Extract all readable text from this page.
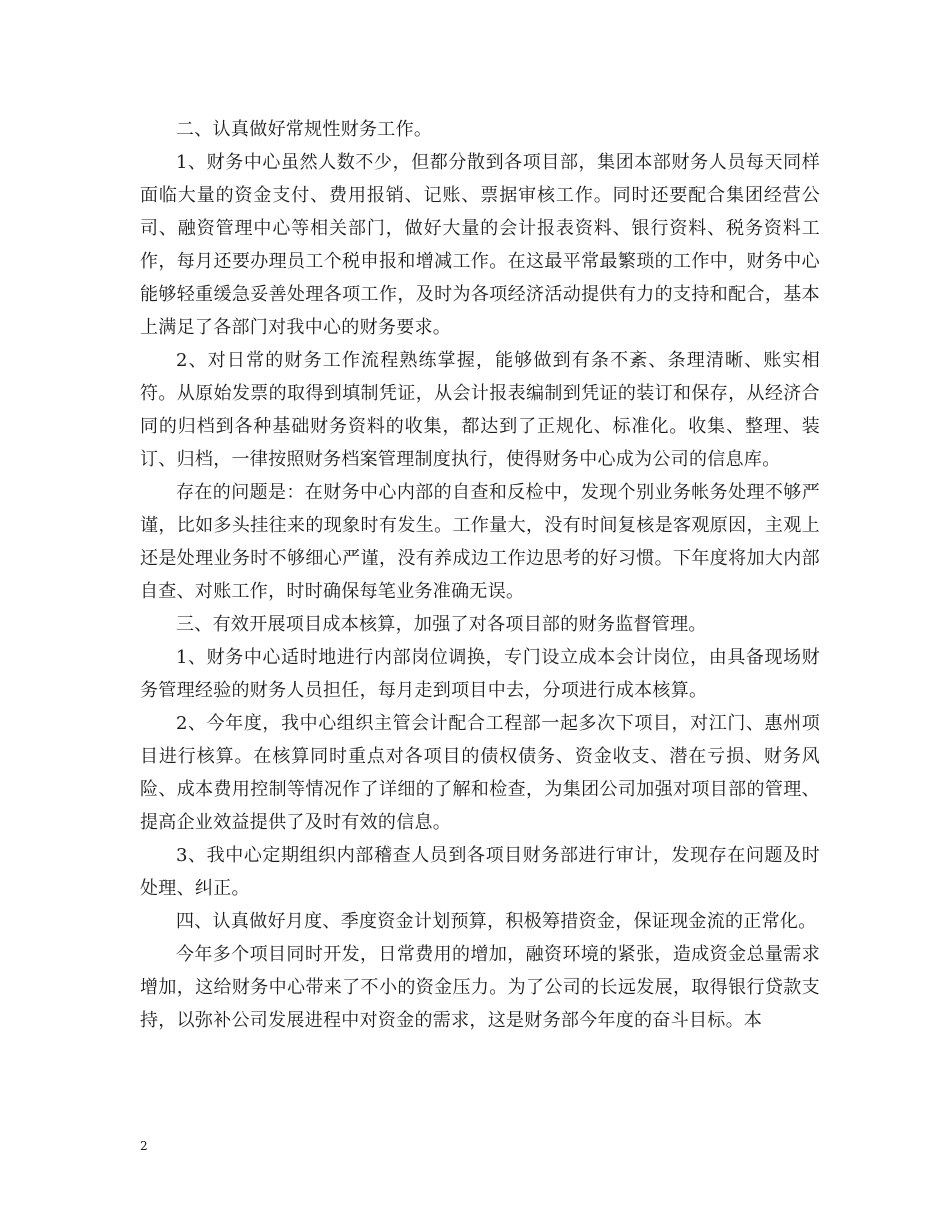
二、认真做好常规性财务工作。

1、财务中心虽然人数不少，但都分散到各项目部，集团本部财务人员每天同样面临大量的资金支付、费用报销、记账、票据审核工作。同时还要配合集团经营公司、融资管理中心等相关部门，做好大量的会计报表资料、银行资料、税务资料工作，每月还要办理员工个税申报和增减工作。在这最平常最繁琐的工作中，财务中心能够轻重缓急妥善处理各项工作，及时为各项经济活动提供有力的支持和配合，基本上满足了各部门对我中心的财务要求。

2、对日常的财务工作流程熟练掌握，能够做到有条不紊、条理清晰、账实相符。从原始发票的取得到填制凭证，从会计报表编制到凭证的装订和保存，从经济合同的归档到各种基础财务资料的收集，都达到了正规化、标准化。收集、整理、装订、归档，一律按照财务档案管理制度执行，使得财务中心成为公司的信息库。

存在的问题是：在财务中心内部的自查和反检中，发现个别业务帐务处理不够严谨，比如多头挂往来的现象时有发生。工作量大，没有时间复核是客观原因，主观上还是处理业务时不够细心严谨，没有养成边工作边思考的好习惯。下年度将加大内部自查、对账工作，时时确保每笔业务准确无误。

三、有效开展项目成本核算，加强了对各项目部的财务监督管理。

1、财务中心适时地进行内部岗位调换，专门设立成本会计岗位，由具备现场财务管理经验的财务人员担任，每月走到项目中去，分项进行成本核算。

2、今年度，我中心组织主管会计配合工程部一起多次下项目，对江门、惠州项目进行核算。在核算同时重点对各项目的债权债务、资金收支、潜在亏损、财务风险、成本费用控制等情况作了详细的了解和检查，为集团公司加强对项目部的管理、提高企业效益提供了及时有效的信息。

3、我中心定期组织内部稽查人员到各项目财务部进行审计，发现存在问题及时处理、纠正。

四、认真做好月度、季度资金计划预算，积极筹措资金，保证现金流的正常化。

今年多个项目同时开发，日常费用的增加，融资环境的紧张，造成资金总量需求增加，这给财务中心带来了不小的资金压力。为了公司的长远发展，取得银行贷款支持，以弥补公司发展进程中对资金的需求，这是财务部今年度的奋斗目标。本

2
